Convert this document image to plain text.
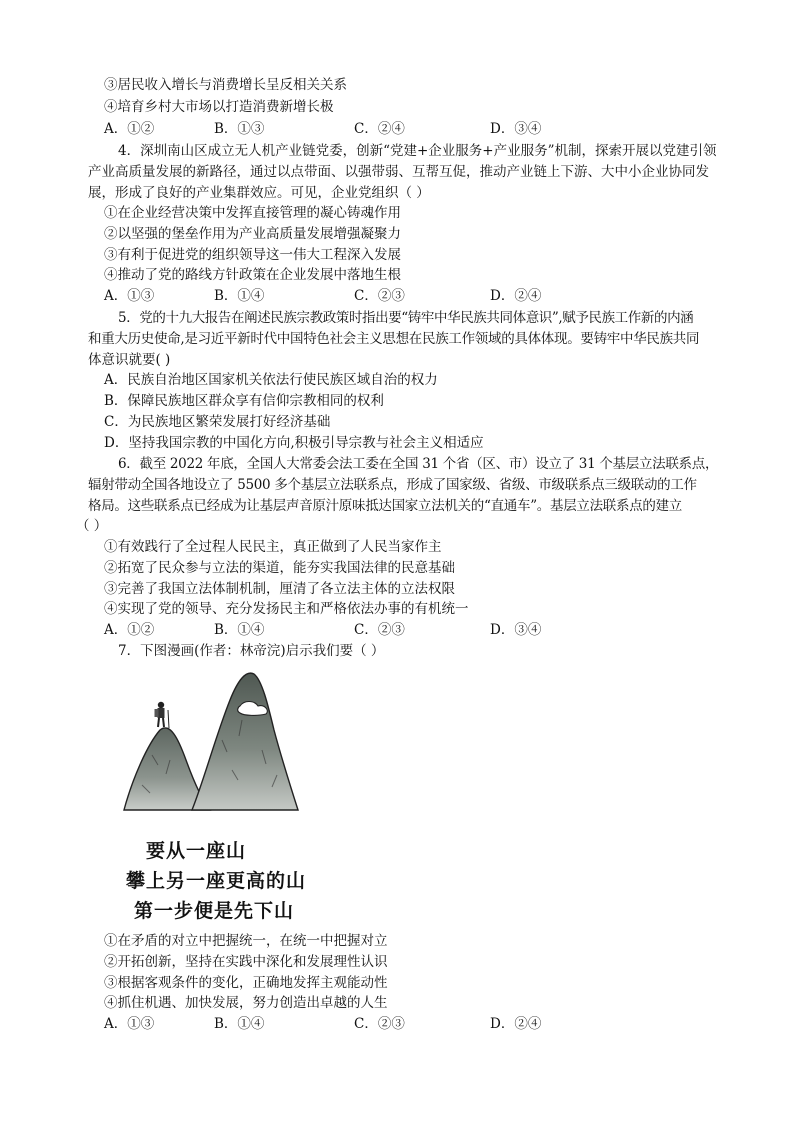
③居民收入增长与消费增长呈反相关关系
④培育乡村大市场以打造消费新增长极
A．①②	B．①③	C．②④	D．③④
4．深圳南山区成立无人机产业链党委，创新“党建+企业服务+产业服务”机制，探索开展以党建引领
产业高质量发展的新路径，通过以点带面、以强带弱、互帮互促，推动产业链上下游、大中小企业协同发
展，形成了良好的产业集群效应。可见，企业党组织（ ）
①在企业经营决策中发挥直接管理的凝心铸魂作用
②以坚强的堡垒作用为产业高质量发展增强凝聚力
③有利于促进党的组织领导这一伟大工程深入发展
④推动了党的路线方针政策在企业发展中落地生根
A．①③	B．①④	C．②③	D．②④
5．党的十九大报告在阐述民族宗教政策时指出要“铸牢中华民族共同体意识”,赋予民族工作新的内涵
和重大历史使命,是习近平新时代中国特色社会主义思想在民族工作领域的具体体现。要铸牢中华民族共同
体意识就要( )
A．民族自治地区国家机关依法行使民族区域自治的权力
B．保障民族地区群众享有信仰宗教相同的权利
C．为民族地区繁荣发展打好经济基础
D．坚持我国宗教的中国化方向,积极引导宗教与社会主义相适应
6．截至 2022 年底，全国人大常委会法工委在全国 31 个省（区、市）设立了 31 个基层立法联系点，
辐射带动全国各地设立了 5500 多个基层立法联系点，形成了国家级、省级、市级联系点三级联动的工作
格局。这些联系点已经成为让基层声音原汁原味抵达国家立法机关的“直通车”。基层立法联系点的建立
（ ）
①有效践行了全过程人民民主，真正做到了人民当家作主
②拓宽了民众参与立法的渠道，能夯实我国法律的民意基础
③完善了我国立法体制机制，厘清了各立法主体的立法权限
④实现了党的领导、充分发扬民主和严格依法办事的有机统一
A．①②	B．①④	C．②③	D．③④
7．下图漫画(作者：林帝浣)启示我们要（ ）
要从一座山
攀上另一座更高的山
第一步便是先下山
①在矛盾的对立中把握统一，在统一中把握对立
②开拓创新，坚持在实践中深化和发展理性认识
③根据客观条件的变化，正确地发挥主观能动性
④抓住机遇、加快发展，努力创造出卓越的人生
A．①③	B．①④	C．②③	D．②④
